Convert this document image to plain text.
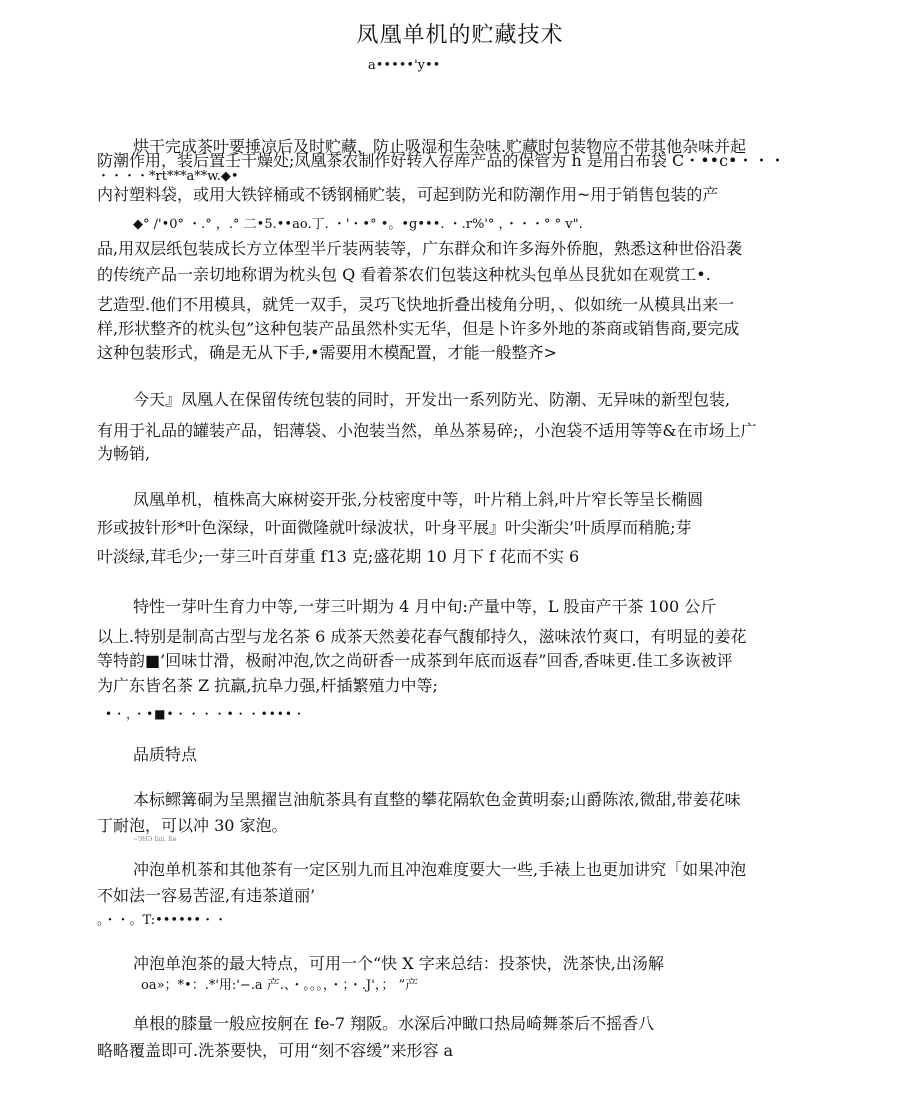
凤凰单机的贮藏技术
a•••••'y••
烘干完成茶叶要捶凉后及时贮藏，防止吸湿和生杂味.贮藏时包装物应不带其他杂味并起
防潮作用，装后置壬干燥处;凤凰茶农制作好转入存库产品的保管为 h 是用白布袋 C・••c•・・・
・・・・*rt***a**w.◆•
内衬塑料袋，或用大铁锌桶或不锈钢桶贮装，可起到防光和防潮作用~用于销售包装的产
◆° /'•0° ・.° ，.° 二•5.••ao.丁. ・'・•° •。•g•••. ・.r%'° ，・・・° ° v".
品,用双层纸包装成长方立体型半斤装两装等，广东群众和许多海外侨胞，熟悉这种世俗沿袭
的传统产品一亲切地称谓为枕头包 Q 看着茶农们包装这种枕头包单丛艮犹如在观赏工•.
艺造型.他们不用模具，就凭一双手，灵巧飞快地折叠出棱角分明，、似如统一从模具出来一
样,形状整齐的枕头包”这种包装产品虽然朴实无华，但是卜许多外地的茶商或销售商,要完成
这种包装形式，确是无从下手,•需要用木模配置，才能一般整齐>
今天』凤凰人在保留传统包装的同时，开发出一系列防光、防潮、无异味的新型包装,
有用于礼品的罐装产品，铝薄袋、小泡装当然，单丛茶易碎;，小泡袋不适用等等&在市场上广
为畅销,
凤凰单机，植株高大麻树姿开张,分枝密度中等，叶片稍上斜,叶片窄长等呈长椭圆
形或披针形*叶色深绿，叶面微隆就叶绿波状，叶身平展』叶尖渐尖’叶质厚而稍脆;芽
叶淡绿,茸毛少;一芽三叶百芽重 f13 克;盛花期 10 月下 f 花而不实 6
特性一芽叶生育力中等,一芽三叶期为 4 月中旬:产量中等，L 股亩产干茶 100 公斤
以上.特别是制高古型与龙名茶 6 成茶天然姜花春气馥郁持久，滋味浓竹爽口，有明显的姜花
等特韵■’回味廿滑，极耐冲泡,饮之尚研香一成茶到年底而返春”回香,香味更.佳工多诙被评
为广东皆名茶 Z 抗羸,抗阜力强,杆插繁殖力中等;
•・，・•■•・・・・•・・••••・
品质特点
本标鳏篝硐为呈黑擢岂油航茶具有直整的攀花隔软色金黄明泰;山爵陈浓,微甜,带姜花味
丁耐泡，可以冲 30 家泡。
~ЭНЭ Бш. Бн
冲泡单机茶和其他茶有一定区别九而且冲泡难度要大一些,手裱上也更加讲究「如果冲泡
不如法一容易苦涩,有违茶道丽’
。・・。T:••••••・・
冲泡单泡茶的最大特点，可用一个“快 X 字来总结：投茶快，洗茶快,出汤解
oa»；*•：.*'用:'−.a 产.、・。。。，・；・.J'，； ”产
单根的膝量一般应按舸在 fe-7 翔阪。水深后冲瞰口热局崎舞茶后不摇香八
略略覆盖即可.洗茶要快，可用“刻不容缓”来形容 a
